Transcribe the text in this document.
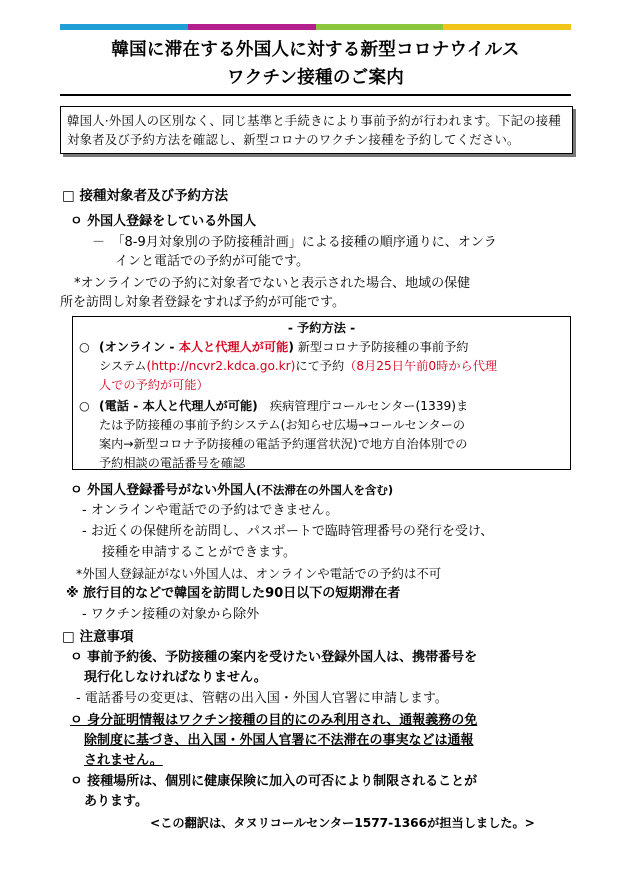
韓国に滞在する外国人に対する新型コロナウイルス
ワクチン接種のご案内
韓国人·外国人の区別なく、同じ基準と手続きにより事前予約が行われます。下記の接種対象者及び予約方法を確認し、新型コロナのワクチン接種を予約してください。
□ 接種対象者及び予約方法
ㅇ 外国人登録をしている外国人
－　「8-9月対象別の予防接種計画」による接種の順序通りに、オンラ
インと電話での予約が可能です。
*オンラインでの予約に対象者でないと表示された場合、地域の保健
所を訪問し対象者登録をすれば予約が可能です。
- 予約方法 -
○ (オンライン - 本人と代理人が可能) 新型コロナ予防接種の事前予約
システム(http://ncvr2.kdca.go.kr)にて予約（8月25日午前0時から代理
人での予約が可能）
○ (電話 - 本人と代理人が可能)　疾病管理庁コールセンター(1339)ま
たは予防接種の事前予約システム(お知らせ広場→コールセンターの
案内→新型コロナ予防接種の電話予約運営状況)で地方自治体別での
予約相談の電話番号を確認
ㅇ 外国人登録番号がない外国人(不法滞在の外国人を含む)
- オンラインや電話での予約はできません。
- お近くの保健所を訪問し、パスポートで臨時管理番号の発行を受け、
接種を申請することができます。
*外国人登録証がない外国人は、オンラインや電話での予約は不可
※ 旅行目的などで韓国を訪問した90日以下の短期滞在者
- ワクチン接種の対象から除外
□ 注意事項
ㅇ 事前予約後、予防接種の案内を受けたい登録外国人は、携帯番号を
現行化しなければなりません。
- 電話番号の変更は、管轄の出入国・外国人官署に申請します。
ㅇ 身分証明情報はワクチン接種の目的にのみ利用され、通報義務の免
除制度に基づき、出入国・外国人官署に不法滞在の事実などは通報
されません。
ㅇ 接種場所は、個別に健康保険に加入の可否により制限されることが
あります。
<この翻訳は、タヌリコールセンター1577-1366が担当しました。>
